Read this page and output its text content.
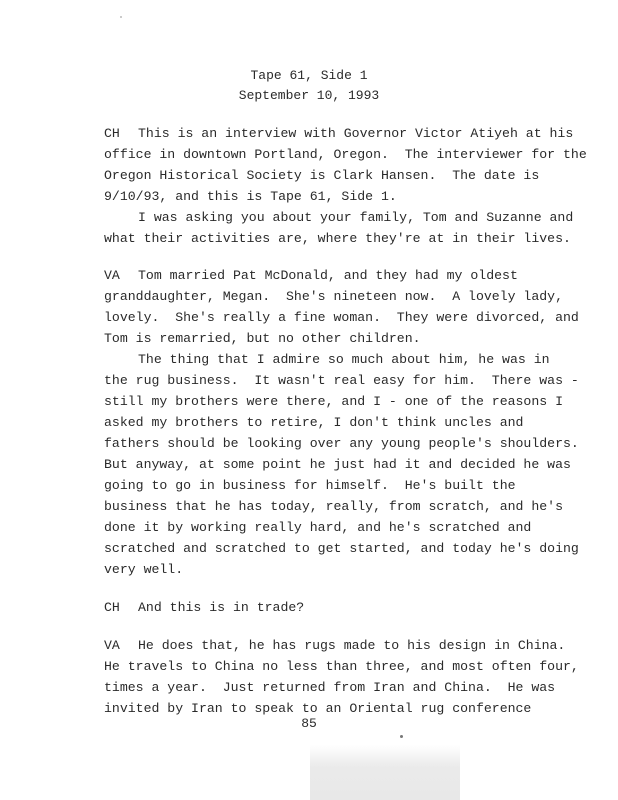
Tape 61, Side 1
September 10, 1993
CH This is an interview with Governor Victor Atiyeh at his
office in downtown Portland, Oregon.  The interviewer for the
Oregon Historical Society is Clark Hansen.  The date is
9/10/93, and this is Tape 61, Side 1.
I was asking you about your family, Tom and Suzanne and
what their activities are, where they're at in their lives.
VA Tom married Pat McDonald, and they had my oldest
granddaughter, Megan.  She's nineteen now.  A lovely lady,
lovely.  She's really a fine woman.  They were divorced, and
Tom is remarried, but no other children.
The thing that I admire so much about him, he was in
the rug business.  It wasn't real easy for him.  There was -
still my brothers were there, and I - one of the reasons I
asked my brothers to retire, I don't think uncles and
fathers should be looking over any young people's shoulders.
But anyway, at some point he just had it and decided he was
going to go in business for himself.  He's built the
business that he has today, really, from scratch, and he's
done it by working really hard, and he's scratched and
scratched and scratched to get started, and today he's doing
very well.
CH And this is in trade?
VA He does that, he has rugs made to his design in China.
He travels to China no less than three, and most often four,
times a year.  Just returned from Iran and China.  He was
invited by Iran to speak to an Oriental rug conference
85
